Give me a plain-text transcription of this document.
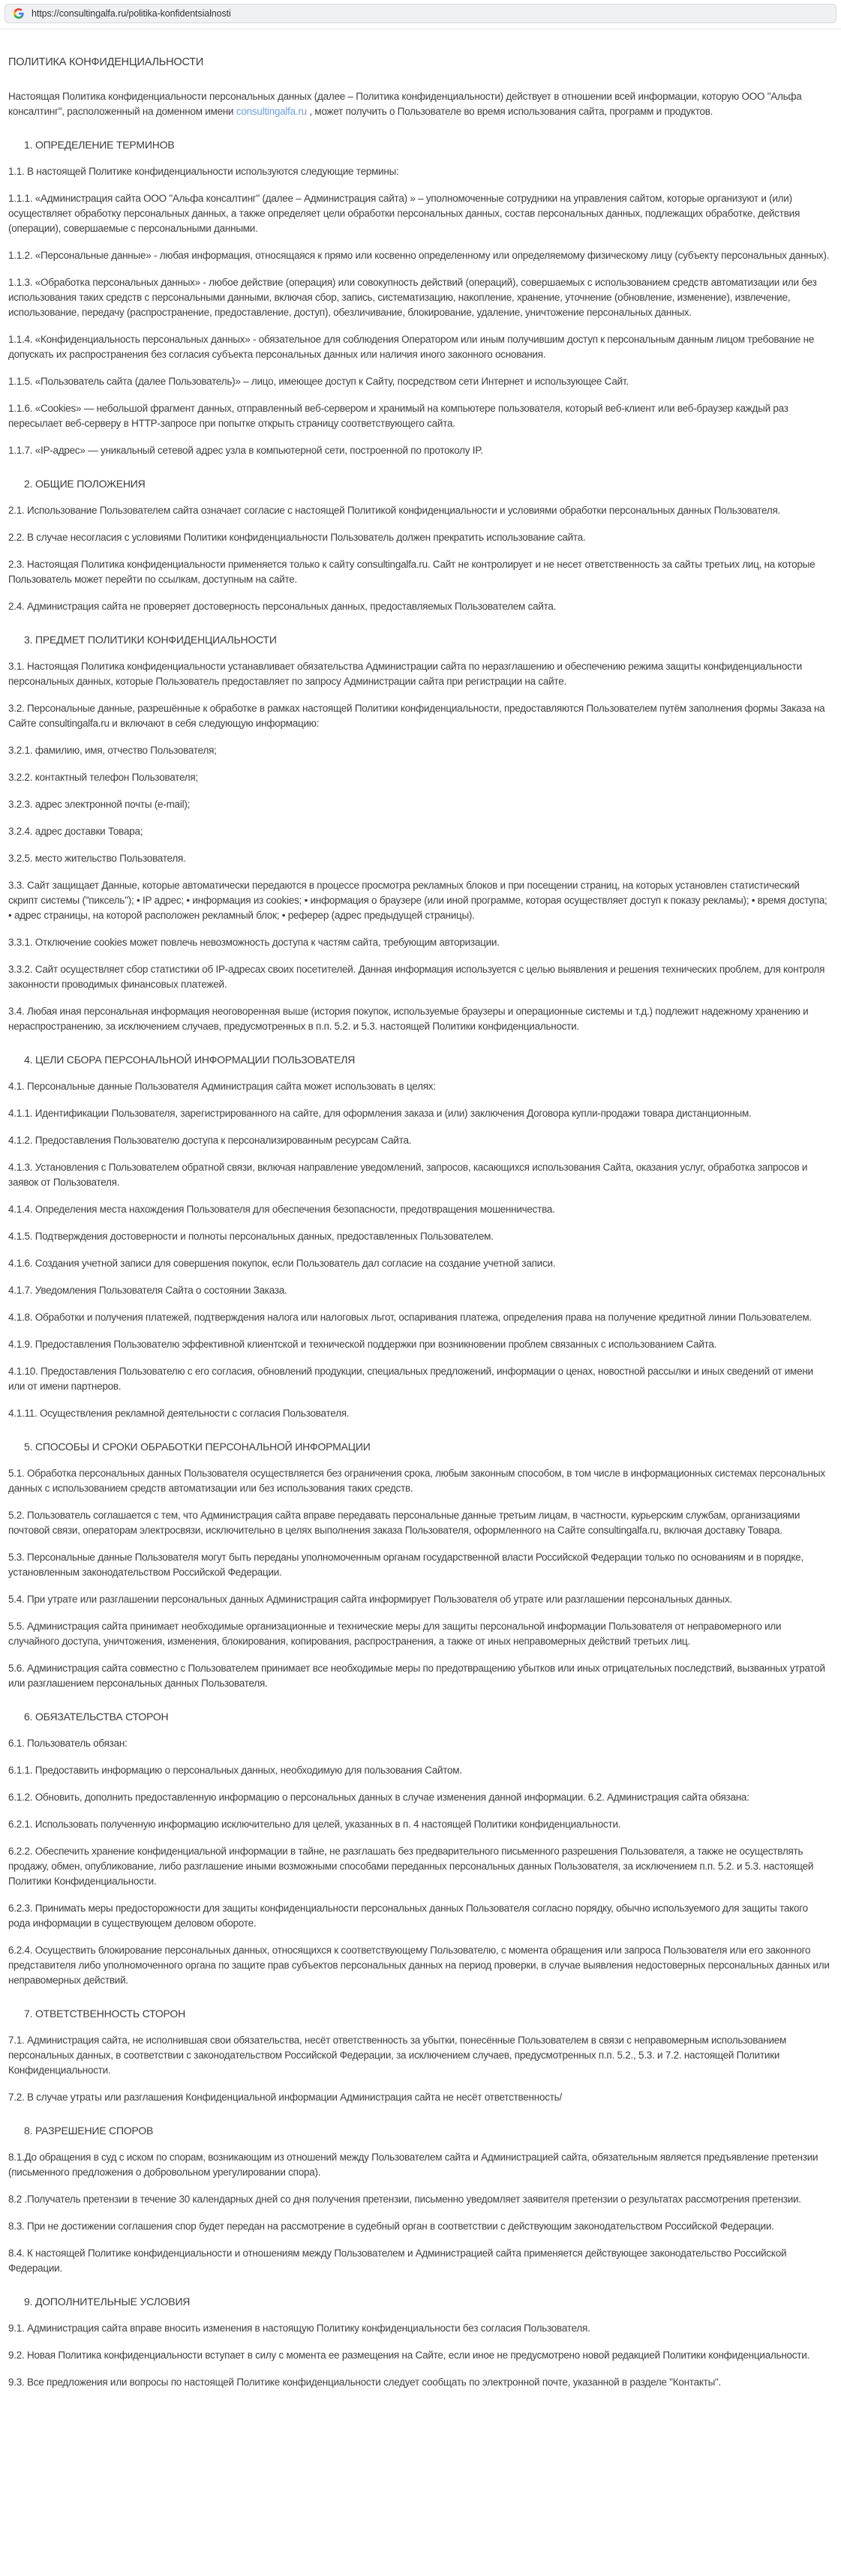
https://consultingalfa.ru/politika-konfidentsialnosti
ПОЛИТИКА КОНФИДЕНЦИАЛЬНОСТИ

Настоящая Политика конфиденциальности персональных данных (далее – Политика конфиденциальности) действует в отношении всей информации, которую ООО "Альфа консалтинг", расположенный на доменном имени consultingalfa.ru , может получить о Пользователе во время использования сайта, программ и продуктов.

1. ОПРЕДЕЛЕНИЕ ТЕРМИНОВ

1.1. В настоящей Политике конфиденциальности используются следующие термины:

1.1.1. «Администрация сайта ООО "Альфа консалтинг" (далее – Администрация сайта) » – уполномоченные сотрудники на управления сайтом, которые организуют и (или) осуществляет обработку персональных данных, а также определяет цели обработки персональных данных, состав персональных данных, подлежащих обработке, действия (операции), совершаемые с персональными данными.

1.1.2. «Персональные данные» - любая информация, относящаяся к прямо или косвенно определенному или определяемому физическому лицу (субъекту персональных данных).

1.1.3. «Обработка персональных данных» - любое действие (операция) или совокупность действий (операций), совершаемых с использованием средств автоматизации или без использования таких средств с персональными данными, включая сбор, запись, систематизацию, накопление, хранение, уточнение (обновление, изменение), извлечение, использование, передачу (распространение, предоставление, доступ), обезличивание, блокирование, удаление, уничтожение персональных данных.

1.1.4. «Конфиденциальность персональных данных» - обязательное для соблюдения Оператором или иным получившим доступ к персональным данным лицом требование не допускать их распространения без согласия субъекта персональных данных или наличия иного законного основания.

1.1.5. «Пользователь сайта (далее Пользователь)» – лицо, имеющее доступ к Сайту, посредством сети Интернет и использующее Сайт.

1.1.6. «Cookies» — небольшой фрагмент данных, отправленный веб-сервером и хранимый на компьютере пользователя, который веб-клиент или веб-браузер каждый раз пересылает веб-серверу в HTTP-запросе при попытке открыть страницу соответствующего сайта.

1.1.7. «IP-адрес» — уникальный сетевой адрес узла в компьютерной сети, построенной по протоколу IP.

2. ОБЩИЕ ПОЛОЖЕНИЯ

2.1. Использование Пользователем сайта означает согласие с настоящей Политикой конфиденциальности и условиями обработки персональных данных Пользователя.

2.2. В случае несогласия с условиями Политики конфиденциальности Пользователь должен прекратить использование сайта.

2.3. Настоящая Политика конфиденциальности применяется только к сайту consultingalfa.ru. Сайт не контролирует и не несет ответственность за сайты третьих лиц, на которые Пользователь может перейти по ссылкам, доступным на сайте.

2.4. Администрация сайта не проверяет достоверность персональных данных, предоставляемых Пользователем сайта.

3. ПРЕДМЕТ ПОЛИТИКИ КОНФИДЕНЦИАЛЬНОСТИ

3.1. Настоящая Политика конфиденциальности устанавливает обязательства Администрации сайта по неразглашению и обеспечению режима защиты конфиденциальности персональных данных, которые Пользователь предоставляет по запросу Администрации сайта при регистрации на сайте.

3.2. Персональные данные, разрешённые к обработке в рамках настоящей Политики конфиденциальности, предоставляются Пользователем путём заполнения формы Заказа на Сайте consultingalfa.ru и включают в себя следующую информацию:

3.2.1. фамилию, имя, отчество Пользователя;

3.2.2. контактный телефон Пользователя;

3.2.3. адрес электронной почты (e-mail);

3.2.4. адрес доставки Товара;

3.2.5. место жительство Пользователя.

3.3. Сайт защищает Данные, которые автоматически передаются в процессе просмотра рекламных блоков и при посещении страниц, на которых установлен статистический скрипт системы ("пиксель"); • IP адрес; • информация из cookies; • информация о браузере (или иной программе, которая осуществляет доступ к показу рекламы); • время доступа; • адрес страницы, на которой расположен рекламный блок; • реферер (адрес предыдущей страницы).

3.3.1. Отключение cookies может повлечь невозможность доступа к частям сайта, требующим авторизации.

3.3.2. Сайт осуществляет сбор статистики об IP-адресах своих посетителей. Данная информация используется с целью выявления и решения технических проблем, для контроля законности проводимых финансовых платежей.

3.4. Любая иная персональная информация неоговоренная выше (история покупок, используемые браузеры и операционные системы и т.д.) подлежит надежному хранению и нераспространению, за исключением случаев, предусмотренных в п.п. 5.2. и 5.3. настоящей Политики конфиденциальности.

4. ЦЕЛИ СБОРА ПЕРСОНАЛЬНОЙ ИНФОРМАЦИИ ПОЛЬЗОВАТЕЛЯ

4.1. Персональные данные Пользователя Администрация сайта может использовать в целях:

4.1.1. Идентификации Пользователя, зарегистрированного на сайте, для оформления заказа и (или) заключения Договора купли-продажи товара дистанционным.

4.1.2. Предоставления Пользователю доступа к персонализированным ресурсам Сайта.

4.1.3. Установления с Пользователем обратной связи, включая направление уведомлений, запросов, касающихся использования Сайта, оказания услуг, обработка запросов и заявок от Пользователя.

4.1.4. Определения места нахождения Пользователя для обеспечения безопасности, предотвращения мошенничества.

4.1.5. Подтверждения достоверности и полноты персональных данных, предоставленных Пользователем.

4.1.6. Создания учетной записи для совершения покупок, если Пользователь дал согласие на создание учетной записи.

4.1.7. Уведомления Пользователя Сайта о состоянии Заказа.

4.1.8. Обработки и получения платежей, подтверждения налога или налоговых льгот, оспаривания платежа, определения права на получение кредитной линии Пользователем.

4.1.9. Предоставления Пользователю эффективной клиентской и технической поддержки при возникновении проблем связанных с использованием Сайта.

4.1.10. Предоставления Пользователю с его согласия, обновлений продукции, специальных предложений, информации о ценах, новостной рассылки и иных сведений от имени или от имени партнеров.

4.1.11. Осуществления рекламной деятельности с согласия Пользователя.

5. СПОСОБЫ И СРОКИ ОБРАБОТКИ ПЕРСОНАЛЬНОЙ ИНФОРМАЦИИ

5.1. Обработка персональных данных Пользователя осуществляется без ограничения срока, любым законным способом, в том числе в информационных системах персональных данных с использованием средств автоматизации или без использования таких средств.

5.2. Пользователь соглашается с тем, что Администрация сайта вправе передавать персональные данные третьим лицам, в частности, курьерским службам, организациями почтовой связи, операторам электросвязи, исключительно в целях выполнения заказа Пользователя, оформленного на Сайте consultingalfa.ru, включая доставку Товара.

5.3. Персональные данные Пользователя могут быть переданы уполномоченным органам государственной власти Российской Федерации только по основаниям и в порядке, установленным законодательством Российской Федерации.

5.4. При утрате или разглашении персональных данных Администрация сайта информирует Пользователя об утрате или разглашении персональных данных.

5.5. Администрация сайта принимает необходимые организационные и технические меры для защиты персональной информации Пользователя от неправомерного или случайного доступа, уничтожения, изменения, блокирования, копирования, распространения, а также от иных неправомерных действий третьих лиц.

5.6. Администрация сайта совместно с Пользователем принимает все необходимые меры по предотвращению убытков или иных отрицательных последствий, вызванных утратой или разглашением персональных данных Пользователя.

6. ОБЯЗАТЕЛЬСТВА СТОРОН

6.1. Пользователь обязан:

6.1.1. Предоставить информацию о персональных данных, необходимую для пользования Сайтом.

6.1.2. Обновить, дополнить предоставленную информацию о персональных данных в случае изменения данной информации. 6.2. Администрация сайта обязана:

6.2.1. Использовать полученную информацию исключительно для целей, указанных в п. 4 настоящей Политики конфиденциальности.

6.2.2. Обеспечить хранение конфиденциальной информации в тайне, не разглашать без предварительного письменного разрешения Пользователя, а также не осуществлять продажу, обмен, опубликование, либо разглашение иными возможными способами переданных персональных данных Пользователя, за исключением п.п. 5.2. и 5.3. настоящей Политики Конфиденциальности.

6.2.3. Принимать меры предосторожности для защиты конфиденциальности персональных данных Пользователя согласно порядку, обычно используемого для защиты такого рода информации в существующем деловом обороте.

6.2.4. Осуществить блокирование персональных данных, относящихся к соответствующему Пользователю, с момента обращения или запроса Пользователя или его законного представителя либо уполномоченного органа по защите прав субъектов персональных данных на период проверки, в случае выявления недостоверных персональных данных или неправомерных действий.

7. ОТВЕТСТВЕННОСТЬ СТОРОН

7.1. Администрация сайта, не исполнившая свои обязательства, несёт ответственность за убытки, понесённые Пользователем в связи с неправомерным использованием персональных данных, в соответствии с законодательством Российской Федерации, за исключением случаев, предусмотренных п.п. 5.2., 5.3. и 7.2. настоящей Политики Конфиденциальности.

7.2. В случае утраты или разглашения Конфиденциальной информации Администрация сайта не несёт ответственность/

8. РАЗРЕШЕНИЕ СПОРОВ

8.1.До обращения в суд с иском по спорам, возникающим из отношений между Пользователем сайта и Администрацией сайта, обязательным является предъявление претензии (письменного предложения о добровольном урегулировании спора).

8.2 .Получатель претензии в течение 30 календарных дней со дня получения претензии, письменно уведомляет заявителя претензии о результатах рассмотрения претензии.

8.3. При не достижении соглашения спор будет передан на рассмотрение в судебный орган в соответствии с действующим законодательством Российской Федерации.

8.4. К настоящей Политике конфиденциальности и отношениям между Пользователем и Администрацией сайта применяется действующее законодательство Российской Федерации.

9. ДОПОЛНИТЕЛЬНЫЕ УСЛОВИЯ

9.1. Администрация сайта вправе вносить изменения в настоящую Политику конфиденциальности без согласия Пользователя.

9.2. Новая Политика конфиденциальности вступает в силу с момента ее размещения на Сайте, если иное не предусмотрено новой редакцией Политики конфиденциальности.

9.3. Все предложения или вопросы по настоящей Политике конфиденциальности следует сообщать по электронной почте, указанной в разделе "Контакты".
